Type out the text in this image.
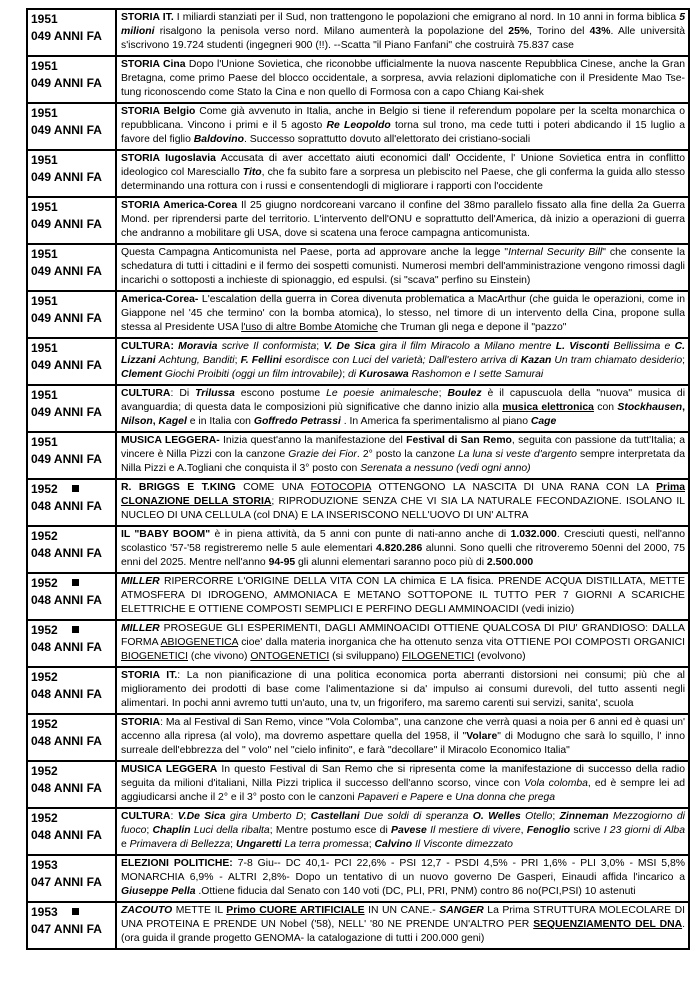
1951
049 ANNI FA	STORIA IT. I miliardi stanziati per il Sud, non trattengono le popolazioni che emigrano al nord. In 10 anni in forma biblica 5 milioni risalgono la penisola verso nord. Milano aumenterà la popolazione del 25%, Torino del 43%. Alle università s'iscrivono 19.724 studenti (ingegneri 900 (!!). --Scatta "il Piano Fanfani" che costruirà 75.837 case

1951
049 ANNI FA	STORIA Cina Dopo l'Unione Sovietica, che riconobbe ufficialmente la nuova nascente Repubblica Cinese, anche la Gran Bretagna, come primo Paese del blocco occidentale, a sorpresa, avvia relazioni diplomatiche con il Presidente Mao Tse-tung riconoscendo come Stato la Cina e non quello di Formosa con a capo Chiang Kai-shek

1951
049 ANNI FA	STORIA Belgio Come già avvenuto in Italia, anche in Belgio si tiene il referendum popolare per la scelta monarchica o repubblicana. Vincono i primi e il 5 agosto Re Leopoldo torna sul trono, ma cede tutti i poteri abdicando il 15 luglio a favore del figlio Baldovino. Successo soprattutto dovuto all'elettorato dei cristiano-sociali

1951
049 ANNI FA	STORIA Iugoslavia Accusata di aver accettato aiuti economici dall' Occidente, l' Unione Sovietica entra in conflitto ideologico col Maresciallo Tito, che fa subito fare a sorpresa un plebiscito nel Paese, che gli conferma la guida allo stesso determinando una rottura con i russi e consentendogli di migliorare i rapporti con l'occidente

1951
049 ANNI FA	STORIA America-Corea Il 25 giugno nordcoreani varcano il confine del 38mo parallelo fissato alla fine della 2a Guerra Mond. per riprendersi parte del territorio. L'intervento dell'ONU e soprattutto dell'America, dà inizio a operazioni di guerra che andranno a mobilitare gli USA, dove si scatena una feroce campagna anticomunista.

1951
049 ANNI FA	Questa Campagna Anticomunista nel Paese, porta ad approvare anche la legge "Internal Security Bill" che consente la schedatura di tutti i cittadini e il fermo dei sospetti comunisti. Numerosi membri dell'amministrazione vengono rimossi dagli incarichi o sottoposti a inchieste di spionaggio, ed espulsi. (si "scava" perfino su Einstein)

1951
049 ANNI FA	America-Corea- L'escalation della guerra in Corea divenuta problematica a MacArthur (che guida le operazioni, come in Giappone nel '45 che termino' con la bomba atomica), lo stesso, nel timore di un intervento della Cina, propone sulla stessa al Presidente USA l'uso di altre Bombe Atomiche che Truman gli nega e depone il "pazzo"

1951
049 ANNI FA	CULTURA: Moravia scrive Il conformista; V. De Sica gira il film Miracolo a Milano mentre L. Visconti Bellissima e C. Lizzani Achtung, Banditi; F. Fellini esordisce con Luci del varietà; Dall'estero arriva di Kazan Un tram chiamato desiderio; Clement Giochi Proibiti (oggi un film introvabile); di Kurosawa Rashomon e I sette Samurai

1951
049 ANNI FA	CULTURA: Di Trilussa escono postume Le poesie animalesche; Boulez è il capuscuola della "nuova" musica di avanguardia; di questa data le composizioni più significative che danno inizio alla musica elettronica con Stockhausen, Nilson, Kagel e in Italia con Goffredo Petrassi . In America fa sperimentalismo al piano Cage

1951
049 ANNI FA	MUSICA LEGGERA- Inizia quest'anno la manifestazione del Festival di San Remo, seguita con passione da tutt'Italia; a vincere è Nilla Pizzi con la canzone Grazie dei Fior. 2° posto la canzone La luna si veste d'argento sempre interpretata da Nilla Pizzi e A.Togliani che conquista il 3° posto con Serenata a nessuno (vedi ogni anno)

1952
048 ANNI FA	R. BRIGGS E T.KING COME UNA FOTOCOPIA OTTENGONO LA NASCITA DI UNA RANA CON LA Prima CLONAZIONE DELLA STORIA; RIPRODUZIONE SENZA CHE VI SIA LA NATURALE FECONDAZIONE. ISOLANO IL NUCLEO DI UNA CELLULA (col DNA) E LA INSERISCONO NELL'UOVO DI UN' ALTRA

1952
048 ANNI FA	IL "BABY BOOM" è in piena attività, da 5 anni con punte di nati-anno anche di 1.032.000. Cresciuti questi, nell'anno scolastico '57-'58 registreremo nelle 5 aule elementari 4.820.286 alunni. Sono quelli che ritroveremo 50enni del 2000, 75 enni del 2025. Mentre nell'anno 94-95 gli alunni elementari saranno poco più di 2.500.000

1952
048 ANNI FA	MILLER RIPERCORRE L'ORIGINE DELLA VITA CON LA chimica E LA fisica. PRENDE ACQUA DISTILLATA, METTE ATMOSFERA DI IDROGENO, AMMONIACA E METANO SOTTOPONE IL TUTTO PER 7 GIORNI A SCARICHE ELETTRICHE E OTTIENE COMPOSTI SEMPLICI E PERFINO DEGLI AMMINOACIDI (vedi inizio)

1952
048 ANNI FA	MILLER PROSEGUE GLI ESPERIMENTI, DAGLI AMMINOACIDI OTTIENE QUALCOSA DI PIU' GRANDIOSO: DALLA FORMA ABIOGENETICA cioe' dalla materia inorganica che ha ottenuto senza vita OTTIENE POI COMPOSTI ORGANICI BIOGENETICI (che vivono) ONTOGENETICI (si sviluppano) FILOGENETICI (evolvono)

1952
048 ANNI FA	STORIA IT.: La non pianificazione di una politica economica porta aberranti distorsioni nei consumi; più che al miglioramento dei prodotti di base come l'alimentazione si da' impulso ai consumi durevoli, del tutto assenti negli alimentari. In pochi anni avremo tutti un'auto, una tv, un frigorifero, ma saremo carenti sui servizi, sanita', scuola

1952
048 ANNI FA	STORIA: Ma al Festival di San Remo, vince "Vola Colomba", una canzone che verrà quasi a noia per 6 anni ed è quasi un' accenno alla ripresa (al volo), ma dovremo aspettare quella del 1958, il "Volare" di Modugno che sarà lo squillo, l' inno surreale dell'ebbrezza del " volo" nel "cielo infinito", e farà "decollare" il Miracolo Economico Italia"

1952
048 ANNI FA	MUSICA LEGGERA In questo Festival di San Remo che si ripresenta come la manifestazione di successo della radio seguita da milioni d'italiani, Nilla Pizzi triplica il successo dell'anno scorso, vince con Vola colomba, ed è sempre lei ad aggiudicarsi anche il 2° e il 3° posto con le canzoni Papaveri e Papere e Una donna che prega

1952
048 ANNI FA	CULTURA: V.De Sica gira Umberto D; Castellani Due soldi di speranza O. Welles Otello; Zinneman Mezzogiorno di fuoco; Chaplin Luci della ribalta; Mentre postumo esce di Pavese Il mestiere di vivere, Fenoglio scrive I 23 giorni di Alba e Primavera di Bellezza; Ungaretti La terra promessa; Calvino Il Visconte dimezzato

1953
047 ANNI FA	ELEZIONI POLITICHE: 7-8 Giu-- DC 40,1- PCI 22,6% - PSI 12,7 - PSDI 4,5% - PRI 1,6% - PLI 3,0% - MSI 5,8% MONARCHIA 6,9% - ALTRI 2,8%- Dopo un tentativo di un nuovo governo De Gasperi, Einaudi affida l'incarico a Giuseppe Pella .Ottiene fiducia dal Senato con 140 voti (DC, PLI, PRI, PNM) contro 86 no(PCI,PSI) 10 astenuti

1953
047 ANNI FA	ZACOUTO METTE IL Primo CUORE ARTIFICIALE IN UN CANE.- SANGER La Prima STRUTTURA MOLECOLARE DI UNA PROTEINA E PRENDE UN Nobel ('58), NELL' '80 NE PRENDE UN'ALTRO PER SEQUENZIAMENTO DEL DNA. (ora guida il grande progetto GENOMA- la catalogazione di tutti i 200.000 geni)
